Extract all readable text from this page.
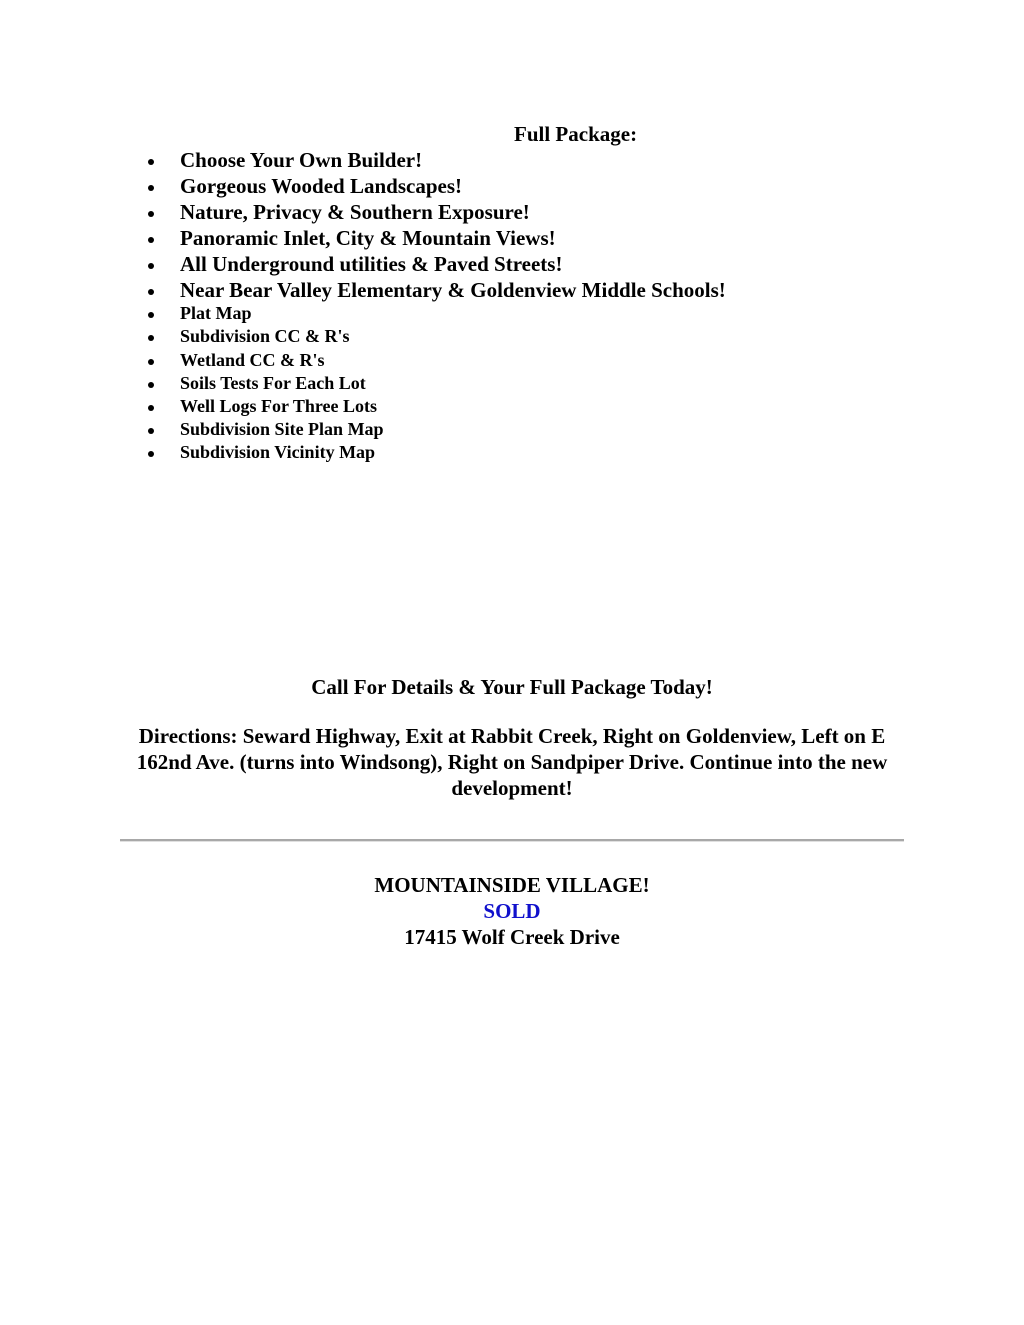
Full Package:
Choose Your Own Builder!
Gorgeous Wooded Landscapes!
Nature, Privacy & Southern Exposure!
Panoramic Inlet, City & Mountain Views!
All Underground utilities & Paved Streets!
Near Bear Valley Elementary & Goldenview Middle Schools!
Plat Map
Subdivision CC & R's
Wetland CC & R's
Soils Tests For Each Lot
Well Logs For Three Lots
Subdivision Site Plan Map
Subdivision Vicinity Map
Call For Details & Your Full Package Today!
Directions: Seward Highway, Exit at Rabbit Creek, Right on Goldenview, Left on E 162nd Ave. (turns into Windsong), Right on Sandpiper Drive. Continue into the new development!
MOUNTAINSIDE VILLAGE!
SOLD
17415 Wolf Creek Drive
